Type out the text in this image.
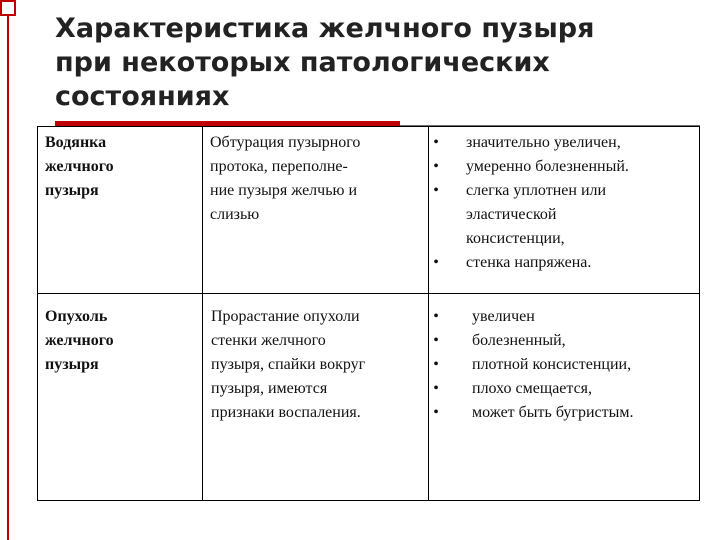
Характеристика желчного пузыря
при некоторых патологических
состояниях
Водянка
желчного
пузыря
Обтурация пузырного
протока, переполне-
ние пузыря желчью и
слизью
• значительно увеличен,
• умеренно болезненный.
• слегка уплотнен или
эластической
консистенции,
• стенка напряжена.
Опухоль
желчного
пузыря
Прорастание опухоли
стенки желчного
пузыря, спайки вокруг
пузыря, имеются
признаки воспаления.
• увеличен
• болезненный,
• плотной консистенции,
• плохо смещается,
• может быть бугристым.
